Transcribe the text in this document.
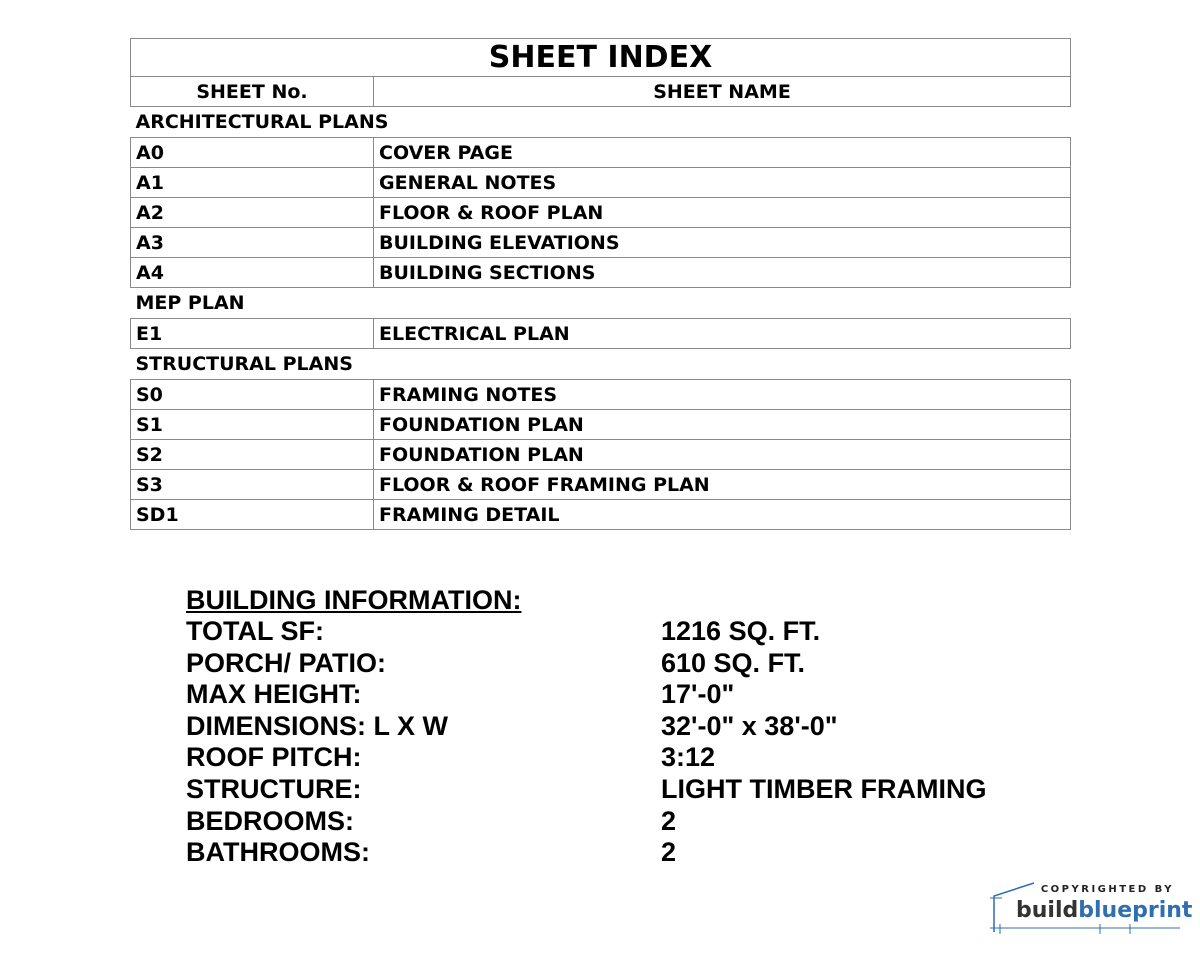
SHEET INDEX	
SHEET No.	SHEET NAME
ARCHITECTURAL PLANS	
A0	COVER PAGE
A1	GENERAL NOTES
A2	FLOOR & ROOF PLAN
A3	BUILDING ELEVATIONS
A4	BUILDING SECTIONS
MEP PLAN	
E1	ELECTRICAL PLAN
STRUCTURAL PLANS	
S0	FRAMING NOTES
S1	FOUNDATION PLAN
S2	FOUNDATION PLAN
S3	FLOOR & ROOF FRAMING PLAN
SD1	FRAMING DETAIL
BUILDING INFORMATION:
TOTAL SF:	1216 SQ. FT.
PORCH/ PATIO:	610 SQ. FT.
MAX HEIGHT:	17'-0"
DIMENSIONS: L X W	32'-0" x 38'-0"
ROOF PITCH:	3:12
STRUCTURE:	LIGHT TIMBER FRAMING
BEDROOMS:	2
BATHROOMS:	2
COPYRIGHTED BY
buildblueprint
